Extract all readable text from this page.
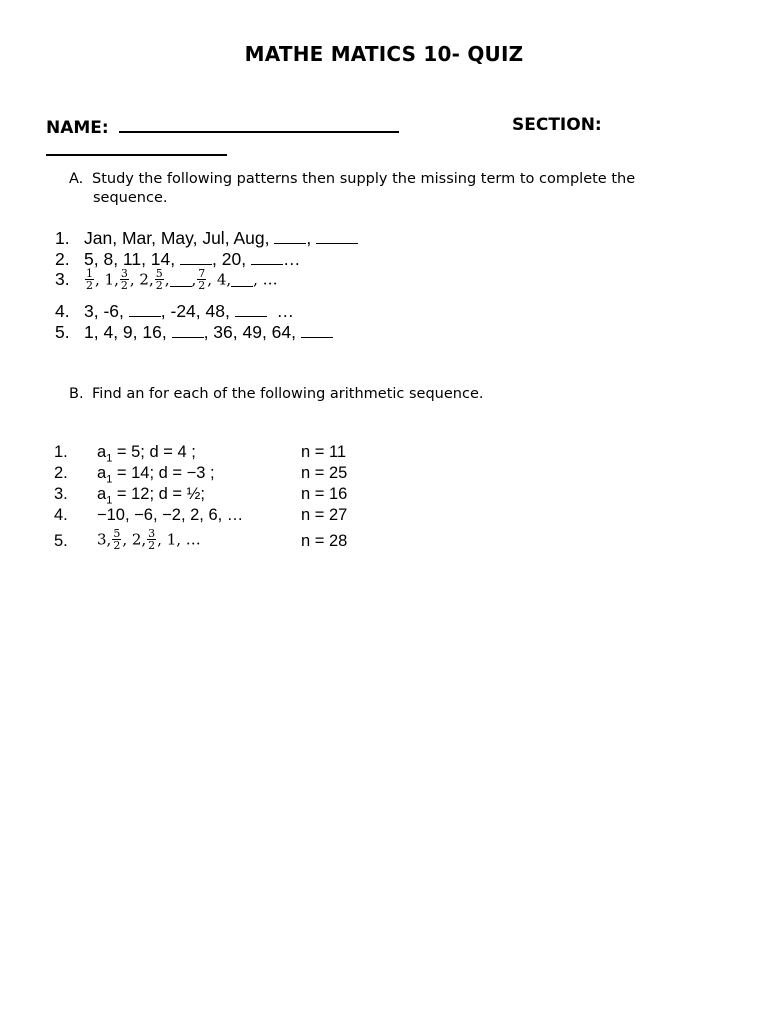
MATHE MATICS 10- QUIZ
NAME:	SECTION:
A. Study the following patterns then supply the missing term to complete the
sequence.
1. Jan, Mar, May, Jul, Aug, ,
2. 5, 8, 11, 14, , 20, …
3. $\frac{1}{2}$ , 1, $\frac{3}{2}$ , 2, $\frac{5}{2}$ , , $\frac{7}{2}$ , 4, , …
4. 3, -6, , -24, 48,	…
5. 1, 4, 9, 16, , 36, 49, 64,
B. Find an for each of the following arithmetic sequence.
1. $a_1 = 5$; d = 4 ;	n = 11
2. $a_1 = 14$; d = −3 ;	n = 25
3. $a_1 = 12$; d = ½;	n = 16
4. −10, −6, −2, 2, 6, …	n = 27
5. 3, $\frac{5}{2}$ , 2, $\frac{3}{2}$ , 1, …	n = 28
